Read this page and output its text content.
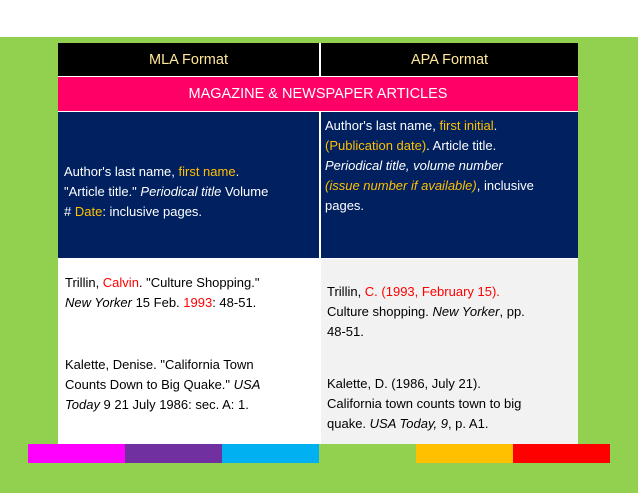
MLA Format	APA Format
MAGAZINE & NEWSPAPER ARTICLES
Author's last name, first name.
"Article title." Periodical title Volume
# Date: inclusive pages.
Author's last name, first initial.
(Publication date). Article title.
Periodical title, volume number
(issue number if available), inclusive
pages.
Trillin, Calvin. "Culture Shopping."
New Yorker 15 Feb. 1993: 48-51.
Kalette, Denise. "California Town
Counts Down to Big Quake." USA
Today 9 21 July 1986: sec. A: 1.
Trillin, C. (1993, February 15).
Culture shopping. New Yorker, pp.
48-51.
Kalette, D. (1986, July 21).
California town counts town to big
quake. USA Today, 9, p. A1.
